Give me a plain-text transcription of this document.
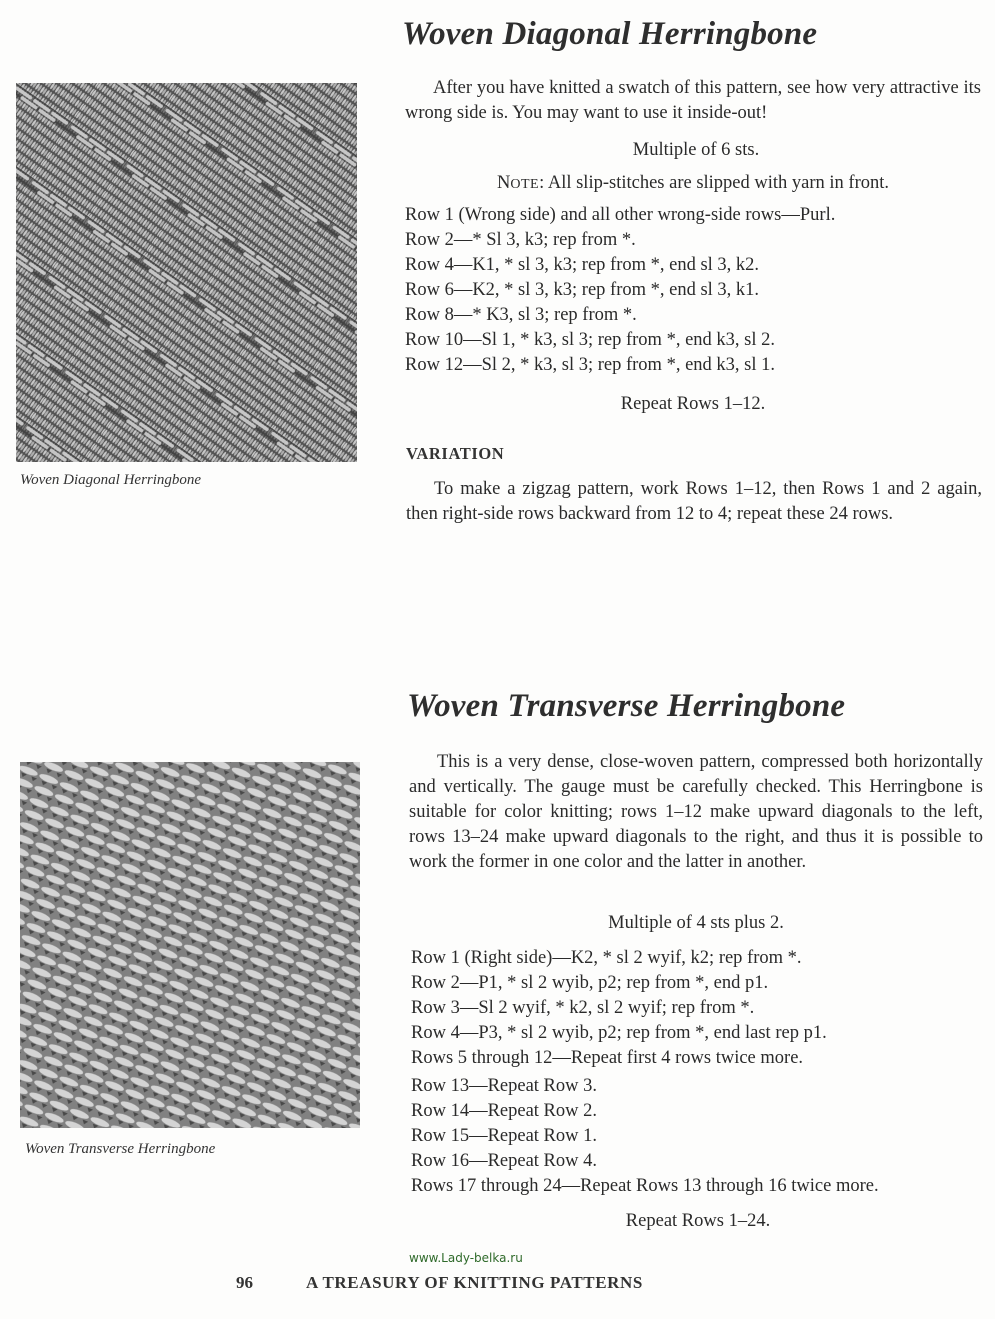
Woven Diagonal Herringbone
Woven Transverse Herringbone
Woven Diagonal Herringbone
After you have knitted a swatch of this pattern, see how very attractive its wrong side is. You may want to use it inside-out!
Multiple of 6 sts.
NOTE: All slip-stitches are slipped with yarn in front.
Row 1 (Wrong side) and all other wrong-side rows—Purl.
Row 2—* Sl 3, k3; rep from *.
Row 4—K1, * sl 3, k3; rep from *, end sl 3, k2.
Row 6—K2, * sl 3, k3; rep from *, end sl 3, k1.
Row 8—* K3, sl 3; rep from *.
Row 10—Sl 1, * k3, sl 3; rep from *, end k3, sl 2.
Row 12—Sl 2, * k3, sl 3; rep from *, end k3, sl 1.
Repeat Rows 1–12.
VARIATION
To make a zigzag pattern, work Rows 1–12, then Rows 1 and 2 again, then right-side rows backward from 12 to 4; repeat these 24 rows.
Woven Transverse Herringbone
This is a very dense, close-woven pattern, compressed both horizontally and vertically. The gauge must be carefully checked. This Herringbone is suitable for color knitting; rows 1–12 make upward diagonals to the left, rows 13–24 make upward diagonals to the right, and thus it is possible to work the former in one color and the latter in another.
Multiple of 4 sts plus 2.
Row 1 (Right side)—K2, * sl 2 wyif, k2; rep from *.
Row 2—P1, * sl 2 wyib, p2; rep from *, end p1.
Row 3—Sl 2 wyif, * k2, sl 2 wyif; rep from *.
Row 4—P3, * sl 2 wyib, p2; rep from *, end last rep p1.
Rows 5 through 12—Repeat first 4 rows twice more.
Row 13—Repeat Row 3.
Row 14—Repeat Row 2.
Row 15—Repeat Row 1.
Row 16—Repeat Row 4.
Rows 17 through 24—Repeat Rows 13 through 16 twice more.
Repeat Rows 1–24.
www.Lady-belka.ru
96	A TREASURY OF KNITTING PATTERNS
